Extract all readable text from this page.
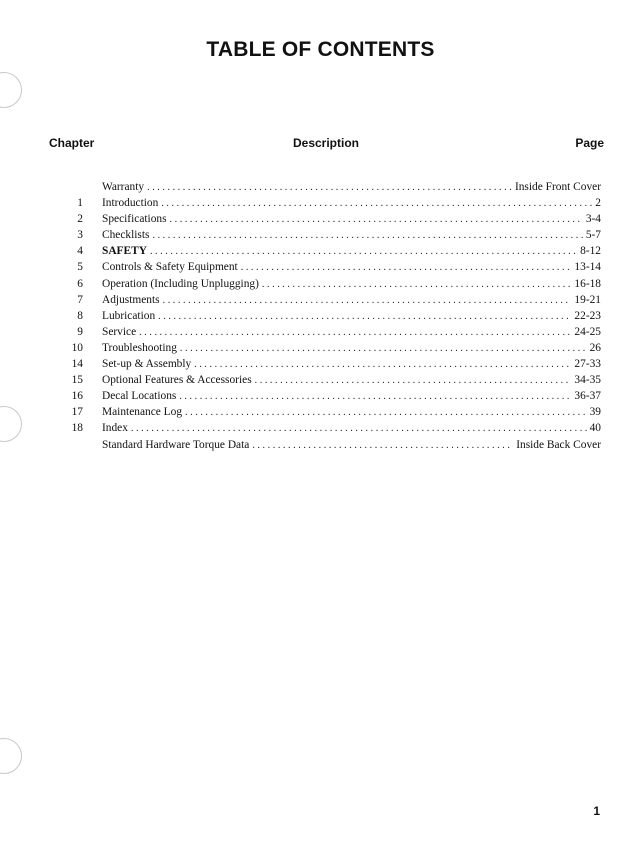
TABLE OF CONTENTS
Chapter	Description	Page
Warranty .....	Inside Front Cover
1 Introduction .....	2
2 Specifications .....	3-4
3 Checklists .....	5-7
4 SAFETY .....	8-12
5 Controls & Safety Equipment .....	13-14
6 Operation (Including Unplugging) .....	16-18
7 Adjustments .....	19-21
8 Lubrication .....	22-23
9 Service .....	24-25
10 Troubleshooting .....	26
14 Set-up & Assembly .....	27-33
15 Optional Features & Accessories .....	34-35
16 Decal Locations .....	36-37
17 Maintenance Log .....	39
18 Index .....	40
Standard Hardware Torque Data .....	Inside Back Cover
1
